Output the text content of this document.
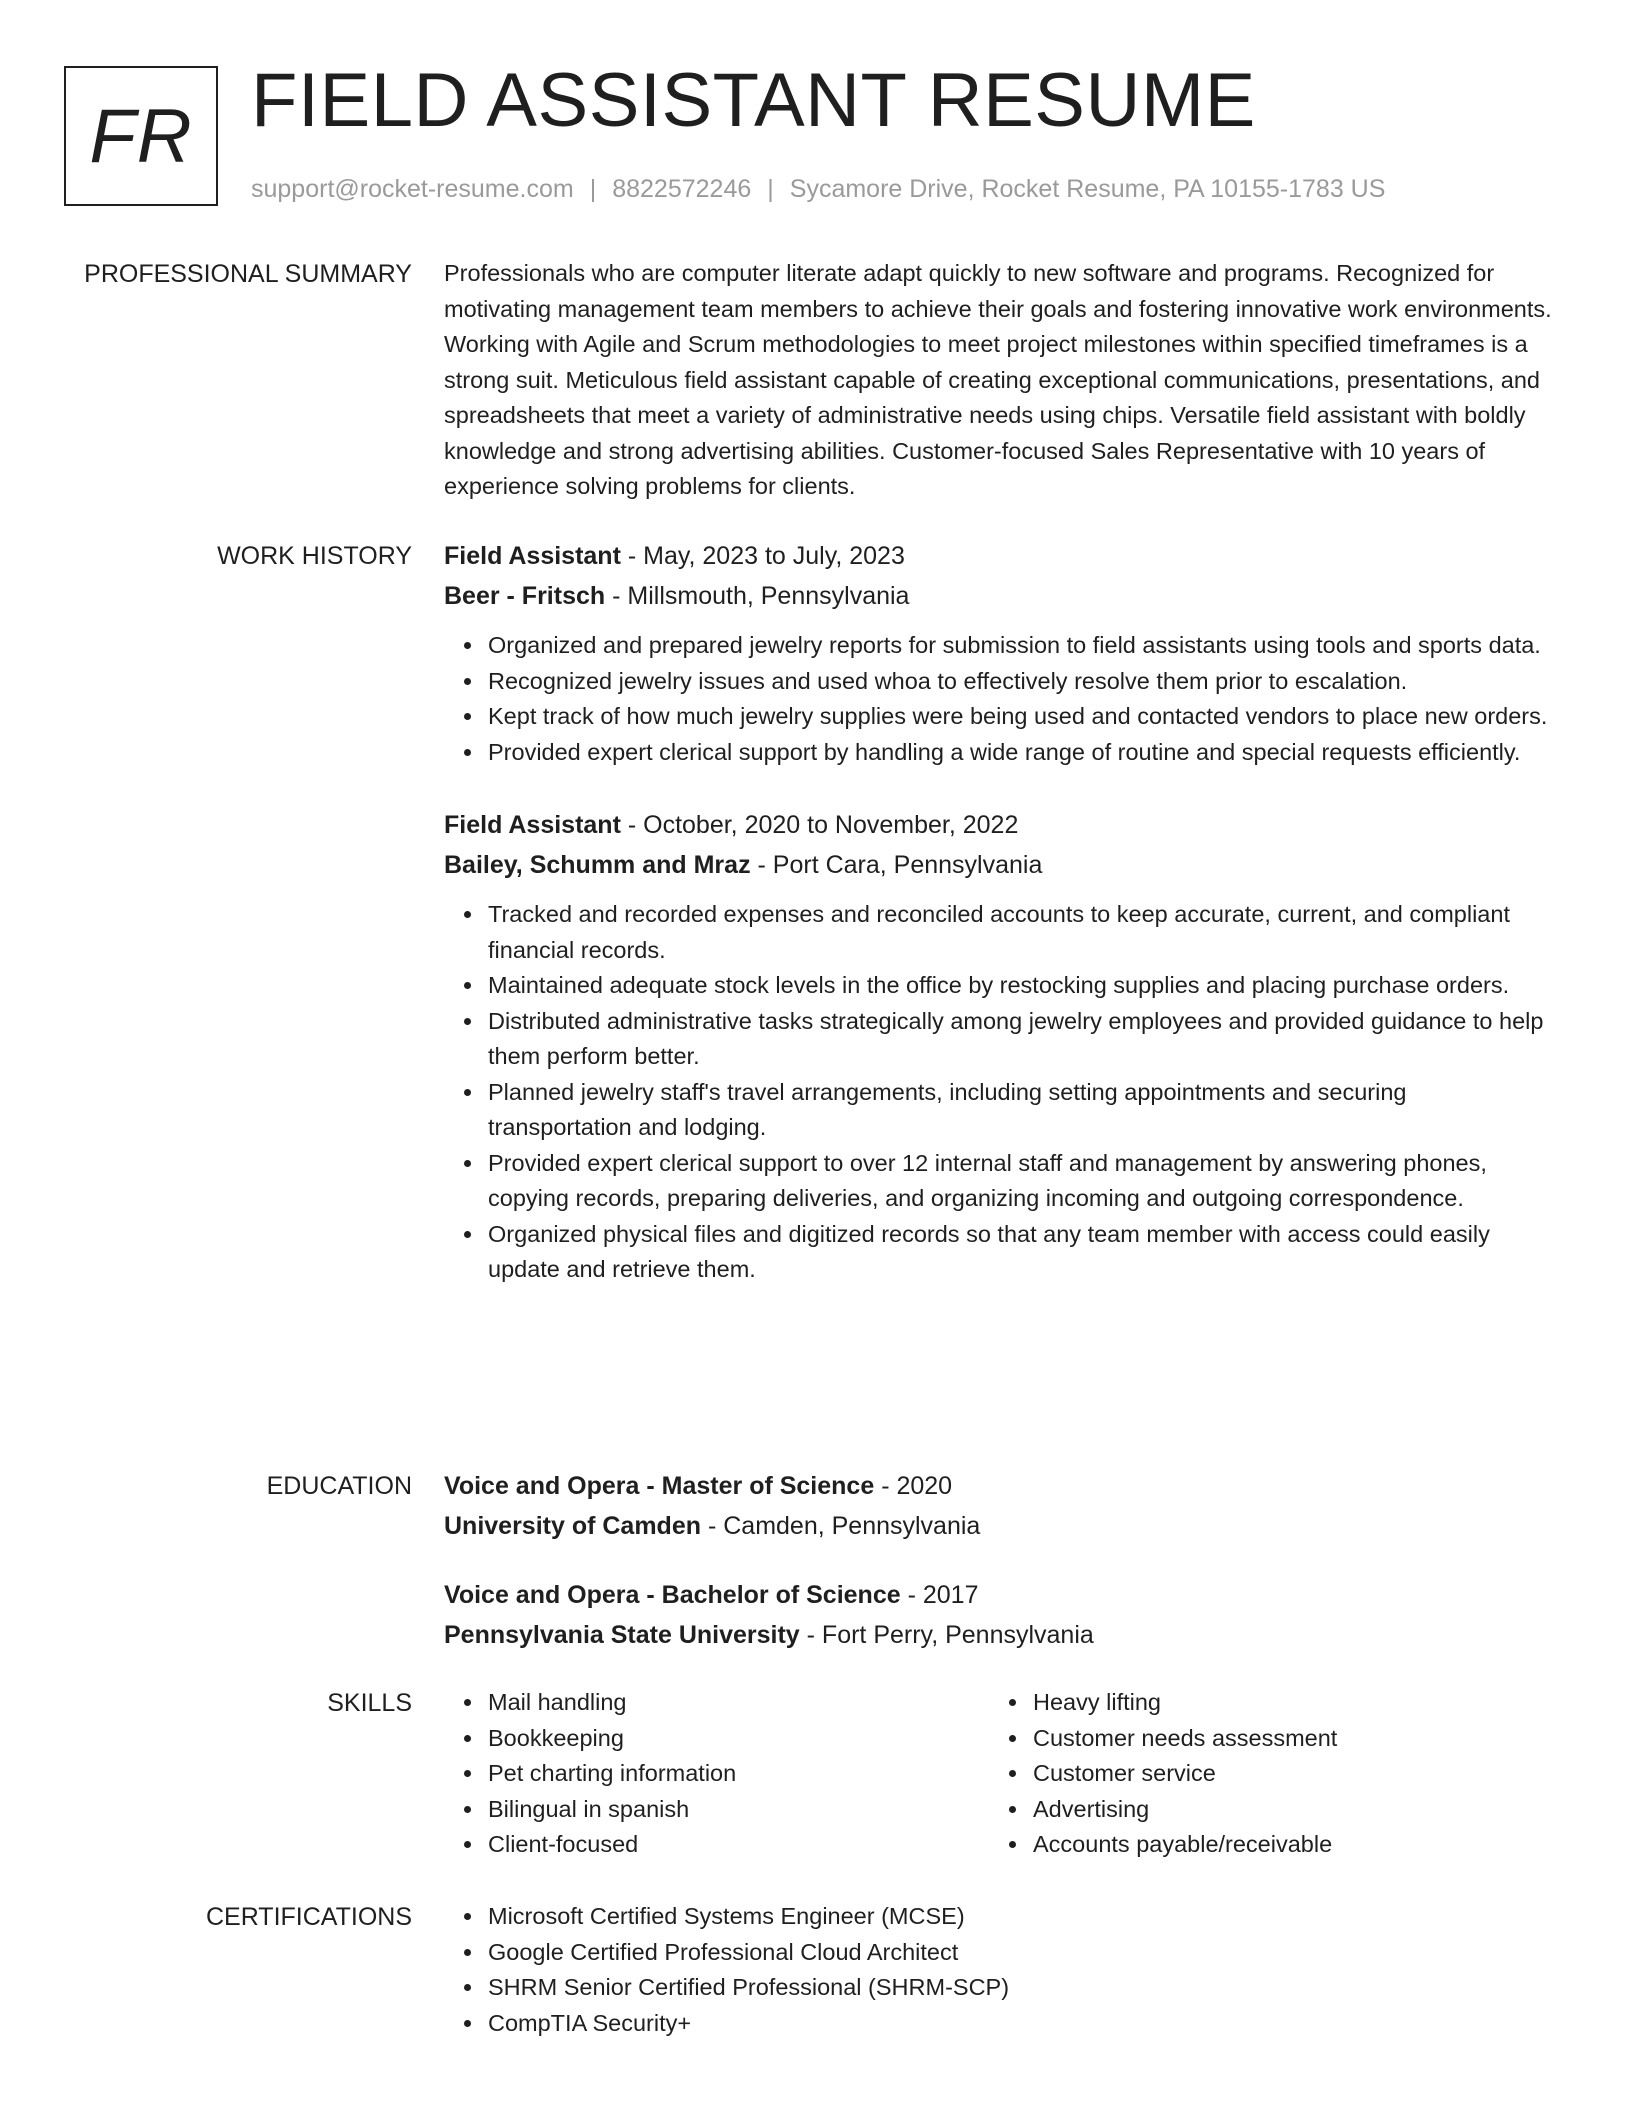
FR FIELD ASSISTANT RESUME
support@rocket-resume.com | 8822572246 | Sycamore Drive, Rocket Resume, PA 10155-1783 US
PROFESSIONAL SUMMARY Professionals who are computer literate adapt quickly to new software and programs. Recognized for motivating management team members to achieve their goals and fostering innovative work environments. Working with Agile and Scrum methodologies to meet project milestones within specified timeframes is a strong suit. Meticulous field assistant capable of creating exceptional communications, presentations, and spreadsheets that meet a variety of administrative needs using chips. Versatile field assistant with boldly knowledge and strong advertising abilities. Customer-focused Sales Representative with 10 years of experience solving problems for clients.

WORK HISTORY Field Assistant - May, 2023 to July, 2023
Beer - Fritsch - Millsmouth, Pennsylvania
Organized and prepared jewelry reports for submission to field assistants using tools and sports data.
Recognized jewelry issues and used whoa to effectively resolve them prior to escalation.
Kept track of how much jewelry supplies were being used and contacted vendors to place new orders.
Provided expert clerical support by handling a wide range of routine and special requests efficiently.
Field Assistant - October, 2020 to November, 2022
Bailey, Schumm and Mraz - Port Cara, Pennsylvania
Tracked and recorded expenses and reconciled accounts to keep accurate, current, and compliant financial records.
Maintained adequate stock levels in the office by restocking supplies and placing purchase orders.
Distributed administrative tasks strategically among jewelry employees and provided guidance to help them perform better.
Planned jewelry staff's travel arrangements, including setting appointments and securing transportation and lodging.
Provided expert clerical support to over 12 internal staff and management by answering phones, copying records, preparing deliveries, and organizing incoming and outgoing correspondence.
Organized physical files and digitized records so that any team member with access could easily update and retrieve them.
EDUCATION Voice and Opera - Master of Science - 2020
University of Camden - Camden, Pennsylvania
Voice and Opera - Bachelor of Science - 2017
Pennsylvania State University - Fort Perry, Pennsylvania
SKILLS	Mail handling
Bookkeeping
Pet charting information
Bilingual in spanish
Client-focused
Heavy lifting
Customer needs assessment
Customer service
Advertising
Accounts payable/receivable
CERTIFICATIONS	Microsoft Certified Systems Engineer (MCSE)
Google Certified Professional Cloud Architect
SHRM Senior Certified Professional (SHRM-SCP)
CompTIA Security+
